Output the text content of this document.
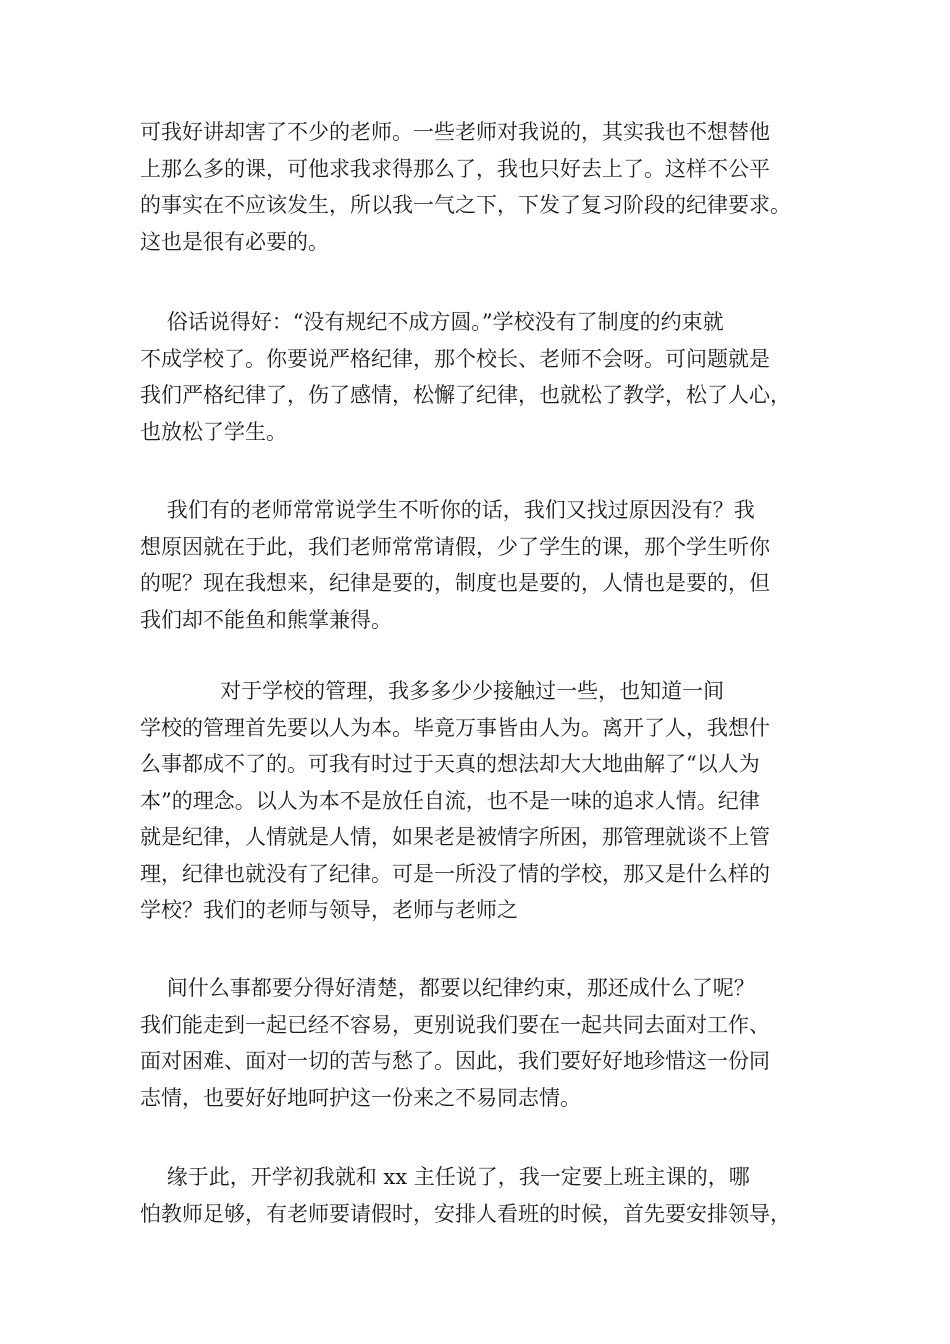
可我好讲却害了不少的老师。一些老师对我说的，其实我也不想替他
上那么多的课，可他求我求得那么了，我也只好去上了。这样不公平
的事实在不应该发生，所以我一气之下，下发了复习阶段的纪律要求。
这也是很有必要的。
俗话说得好：“没有规纪不成方圆。”学校没有了制度的约束就
不成学校了。你要说严格纪律，那个校长、老师不会呀。可问题就是
我们严格纪律了，伤了感情，松懈了纪律，也就松了教学，松了人心，
也放松了学生。
我们有的老师常常说学生不听你的话，我们又找过原因没有？我
想原因就在于此，我们老师常常请假，少了学生的课，那个学生听你
的呢？现在我想来，纪律是要的，制度也是要的，人情也是要的，但
我们却不能鱼和熊掌兼得。
对于学校的管理，我多多少少接触过一些，也知道一间
学校的管理首先要以人为本。毕竟万事皆由人为。离开了人，我想什
么事都成不了的。可我有时过于天真的想法却大大地曲解了“以人为
本”的理念。以人为本不是放任自流，也不是一味的追求人情。纪律
就是纪律，人情就是人情，如果老是被情字所困，那管理就谈不上管
理，纪律也就没有了纪律。可是一所没了情的学校，那又是什么样的
学校？我们的老师与领导，老师与老师之
间什么事都要分得好清楚，都要以纪律约束，那还成什么了呢？
我们能走到一起已经不容易，更别说我们要在一起共同去面对工作、
面对困难、面对一切的苦与愁了。因此，我们要好好地珍惜这一份同
志情，也要好好地呵护这一份来之不易同志情。
缘于此，开学初我就和 xx 主任说了，我一定要上班主课的，哪
怕教师足够，有老师要请假时，安排人看班的时候，首先要安排领导，
